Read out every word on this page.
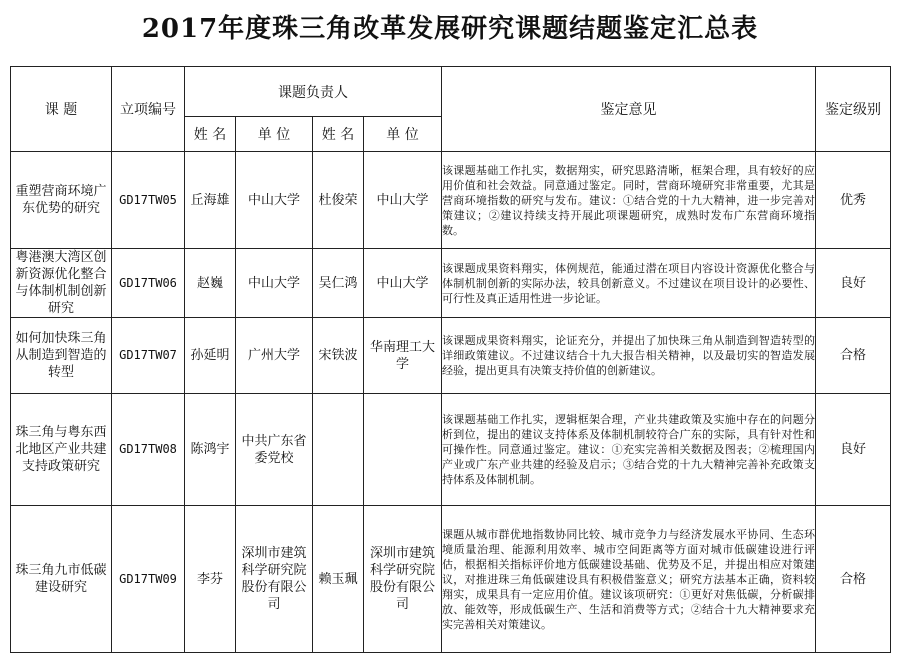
2017年度珠三角改革发展研究课题结题鉴定汇总表
课 题	立项编号	课题负责人				鉴定意见	鉴定级别
		姓 名	单 位	姓 名	单 位		
重塑营商环境广东优势的研究	GD17TW05	丘海雄	中山大学	杜俊荣	中山大学	该课题基础工作扎实，数据翔实，研究思路清晰，框架合理，具有较好的应用价值和社会效益。同意通过鉴定。同时，营商环境研究非常重要，尤其是营商环境指数的研究与发布。建议：①结合党的十九大精神，进一步完善对策建议；②建议持续支持开展此项课题研究，成熟时发布广东营商环境指数。	优秀
粤港澳大湾区创新资源优化整合与体制机制创新研究	GD17TW06	赵巍	中山大学	吴仁鸿	中山大学	该课题成果资料翔实，体例规范，能通过潜在项目内容设计资源优化整合与体制机制创新的实际办法，较具创新意义。不过建议在项目设计的必要性、可行性及真正适用性进一步论证。	良好
如何加快珠三角从制造到智造的转型	GD17TW07	孙延明	广州大学	宋铁波	华南理工大学	该课题成果资料翔实，论证充分，并提出了加快珠三角从制造到智造转型的详细政策建议。不过建议结合十九大报告相关精神，以及最切实的智造发展经验，提出更具有决策支持价值的创新建议。	合格
珠三角与粤东西北地区产业共建支持政策研究	GD17TW08	陈鸿宇	中共广东省委党校			该课题基础工作扎实，逻辑框架合理，产业共建政策及实施中存在的问题分析到位，提出的建议支持体系及体制机制较符合广东的实际，具有针对性和可操作性。同意通过鉴定。建议：①充实完善相关数据及图表；②梳理国内产业或广东产业共建的经验及启示；③结合党的十九大精神完善补充政策支持体系及体制机制。	良好
珠三角九市低碳建设研究	GD17TW09	李芬	深圳市建筑科学研究院股份有限公司	赖玉珮	深圳市建筑科学研究院股份有限公司	课题从城市群优地指数协同比较、城市竞争力与经济发展水平协同、生态环境质量治理、能源利用效率、城市空间距离等方面对城市低碳建设进行评估，根据相关指标评价地方低碳建设基础、优势及不足，并提出相应对策建议，对推进珠三角低碳建设具有积极借鉴意义；研究方法基本正确，资料较翔实，成果具有一定应用价值。建议该项研究：①更好对焦低碳，分析碳排放、能效等，形成低碳生产、生活和消费等方式；②结合十九大精神要求充实完善相关对策建议。	合格
